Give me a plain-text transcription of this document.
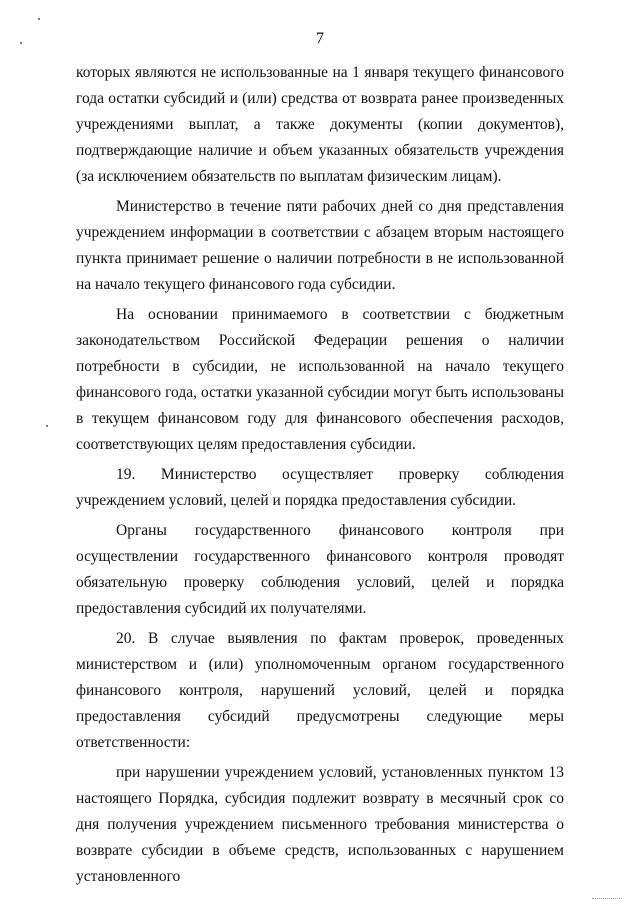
7

которых являются не использованные на 1 января текущего финансового года остатки субсидий и (или) средства от возврата ранее произведенных учреждениями выплат, а также документы (копии документов), подтверждающие наличие и объем указанных обязательств учреждения (за исключением обязательств по выплатам физическим лицам).

Министерство в течение пяти рабочих дней со дня представления учреждением информации в соответствии с абзацем вторым настоящего пункта принимает решение о наличии потребности в не использованной на начало текущего финансового года субсидии.

На основании принимаемого в соответствии с бюджетным законодательством Российской Федерации решения о наличии потребности в субсидии, не использованной на начало текущего финансового года, остатки указанной субсидии могут быть использованы в текущем финансовом году для финансового обеспечения расходов, соответствующих целям предоставления субсидии.

19. Министерство осуществляет проверку соблюдения учреждением условий, целей и порядка предоставления субсидии.

Органы государственного финансового контроля при осуществлении государственного финансового контроля проводят обязательную проверку соблюдения условий, целей и порядка предоставления субсидий их получателями.

20. В случае выявления по фактам проверок, проведенных министерством и (или) уполномоченным органом государственного финансового контроля, нарушений условий, целей и порядка предоставления субсидий предусмотрены следующие меры ответственности:

при нарушении учреждением условий, установленных пунктом 13 настоящего Порядка, субсидия подлежит возврату в месячный срок со дня получения учреждением письменного требования министерства о возврате субсидии в объеме средств, использованных с нарушением установленного
